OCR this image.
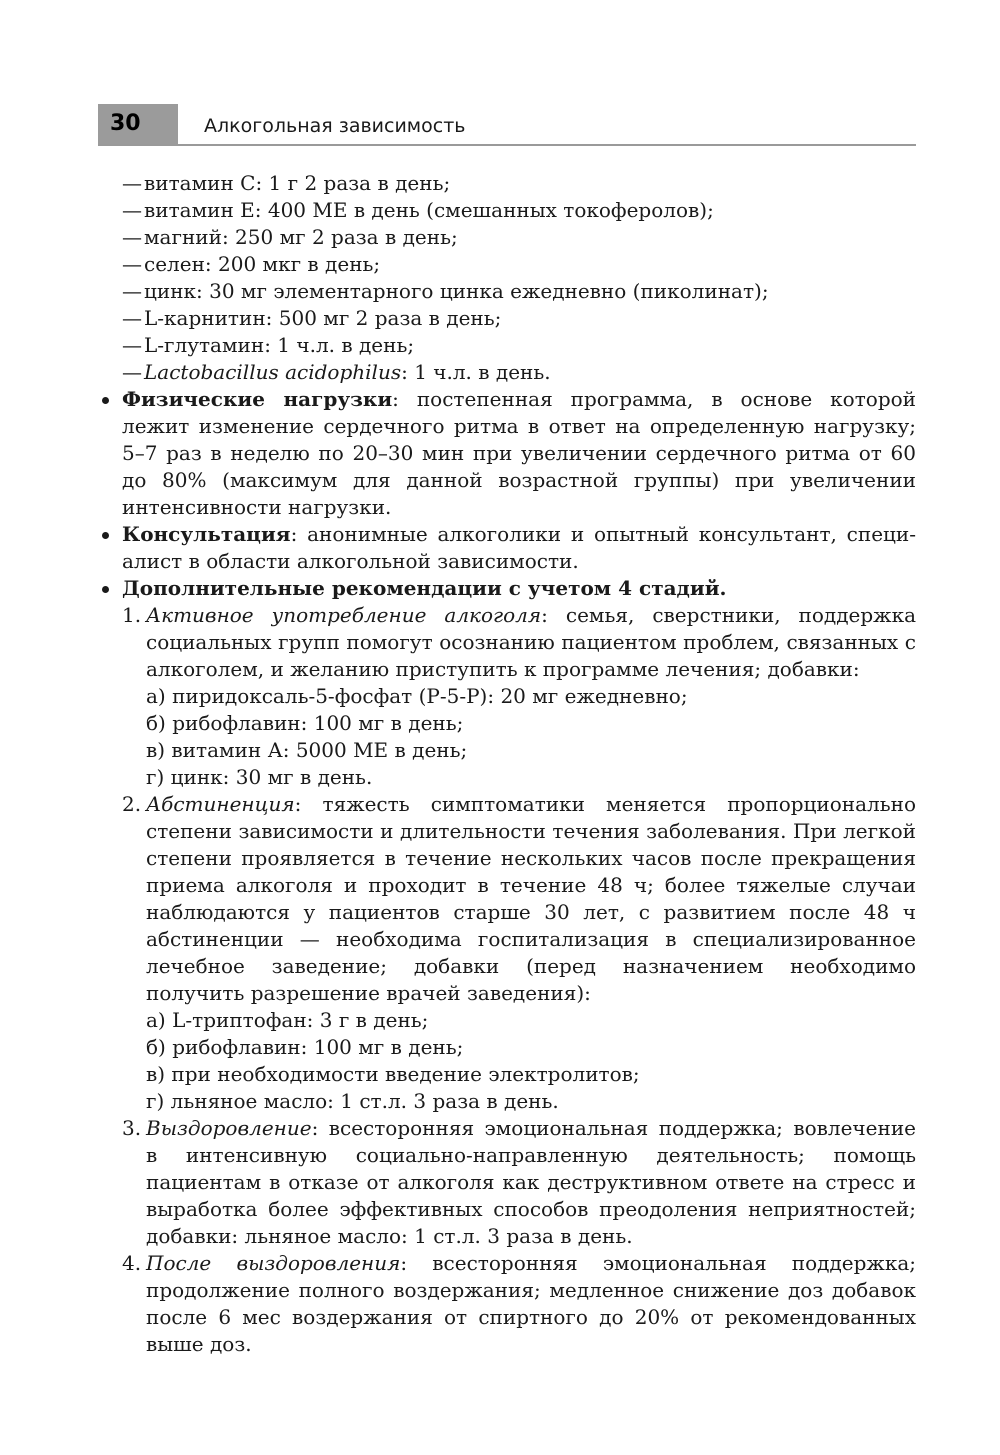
30	Алкогольная зависимость
— витамин С: 1 г 2 раза в день;
— витамин Е: 400 МЕ в день (смешанных токоферолов);
— магний: 250 мг 2 раза в день;
— селен: 200 мкг в день;
— цинк: 30 мг элементарного цинка ежедневно (пиколинат);
— L-карнитин: 500 мг 2 раза в день;
— L-глутамин: 1 ч.л. в день;
— Lactobacillus acidophilus: 1 ч.л. в день.
Физические нагрузки: постепенная программа, в основе которой лежит изменение сердечного ритма в ответ на определенную нагрузку; 5–7 раз в неделю по 20–30 мин при увеличении сердечного ритма от 60 до 80% (максимум для данной возрастной группы) при увеличении интенсивности нагрузки.
Консультация: анонимные алкоголики и опытный консультант, специалист в области алкогольной зависимости.
Дополнительные рекомендации с учетом 4 стадий.
1. Активное употребление алкоголя: семья, сверстники, поддержка социальных групп помогут осознанию пациентом проблем, связанных с алкоголем, и желанию приступить к программе лечения; добавки:
а) пиридоксаль-5-фосфат (Р-5-Р): 20 мг ежедневно;
б) рибофлавин: 100 мг в день;
в) витамин А: 5000 МЕ в день;
г) цинк: 30 мг в день.
2. Абстиненция: тяжесть симптоматики меняется пропорционально степени зависимости и длительности течения заболевания. При легкой степени проявляется в течение нескольких часов после прекращения приема алкоголя и проходит в течение 48 ч; более тяжелые случаи наблюдаются у пациентов старше 30 лет, с развитием после 48 ч абстиненции — необходима госпитализация в специализированное лечебное заведение; добавки (перед назначением необходимо получить разрешение врачей заведения):
а) L-триптофан: 3 г в день;
б) рибофлавин: 100 мг в день;
в) при необходимости введение электролитов;
г) льняное масло: 1 ст.л. 3 раза в день.
3. Выздоровление: всесторонняя эмоциональная поддержка; вовлечение в интенсивную социально-направленную деятельность; помощь пациентам в отказе от алкоголя как деструктивном ответе на стресс и выработка более эффективных способов преодоления неприятностей; добавки: льняное масло: 1 ст.л. 3 раза в день.
4. После выздоровления: всесторонняя эмоциональная поддержка; продолжение полного воздержания; медленное снижение доз добавок после 6 мес воздержания от спиртного до 20% от рекомендованных выше доз.
